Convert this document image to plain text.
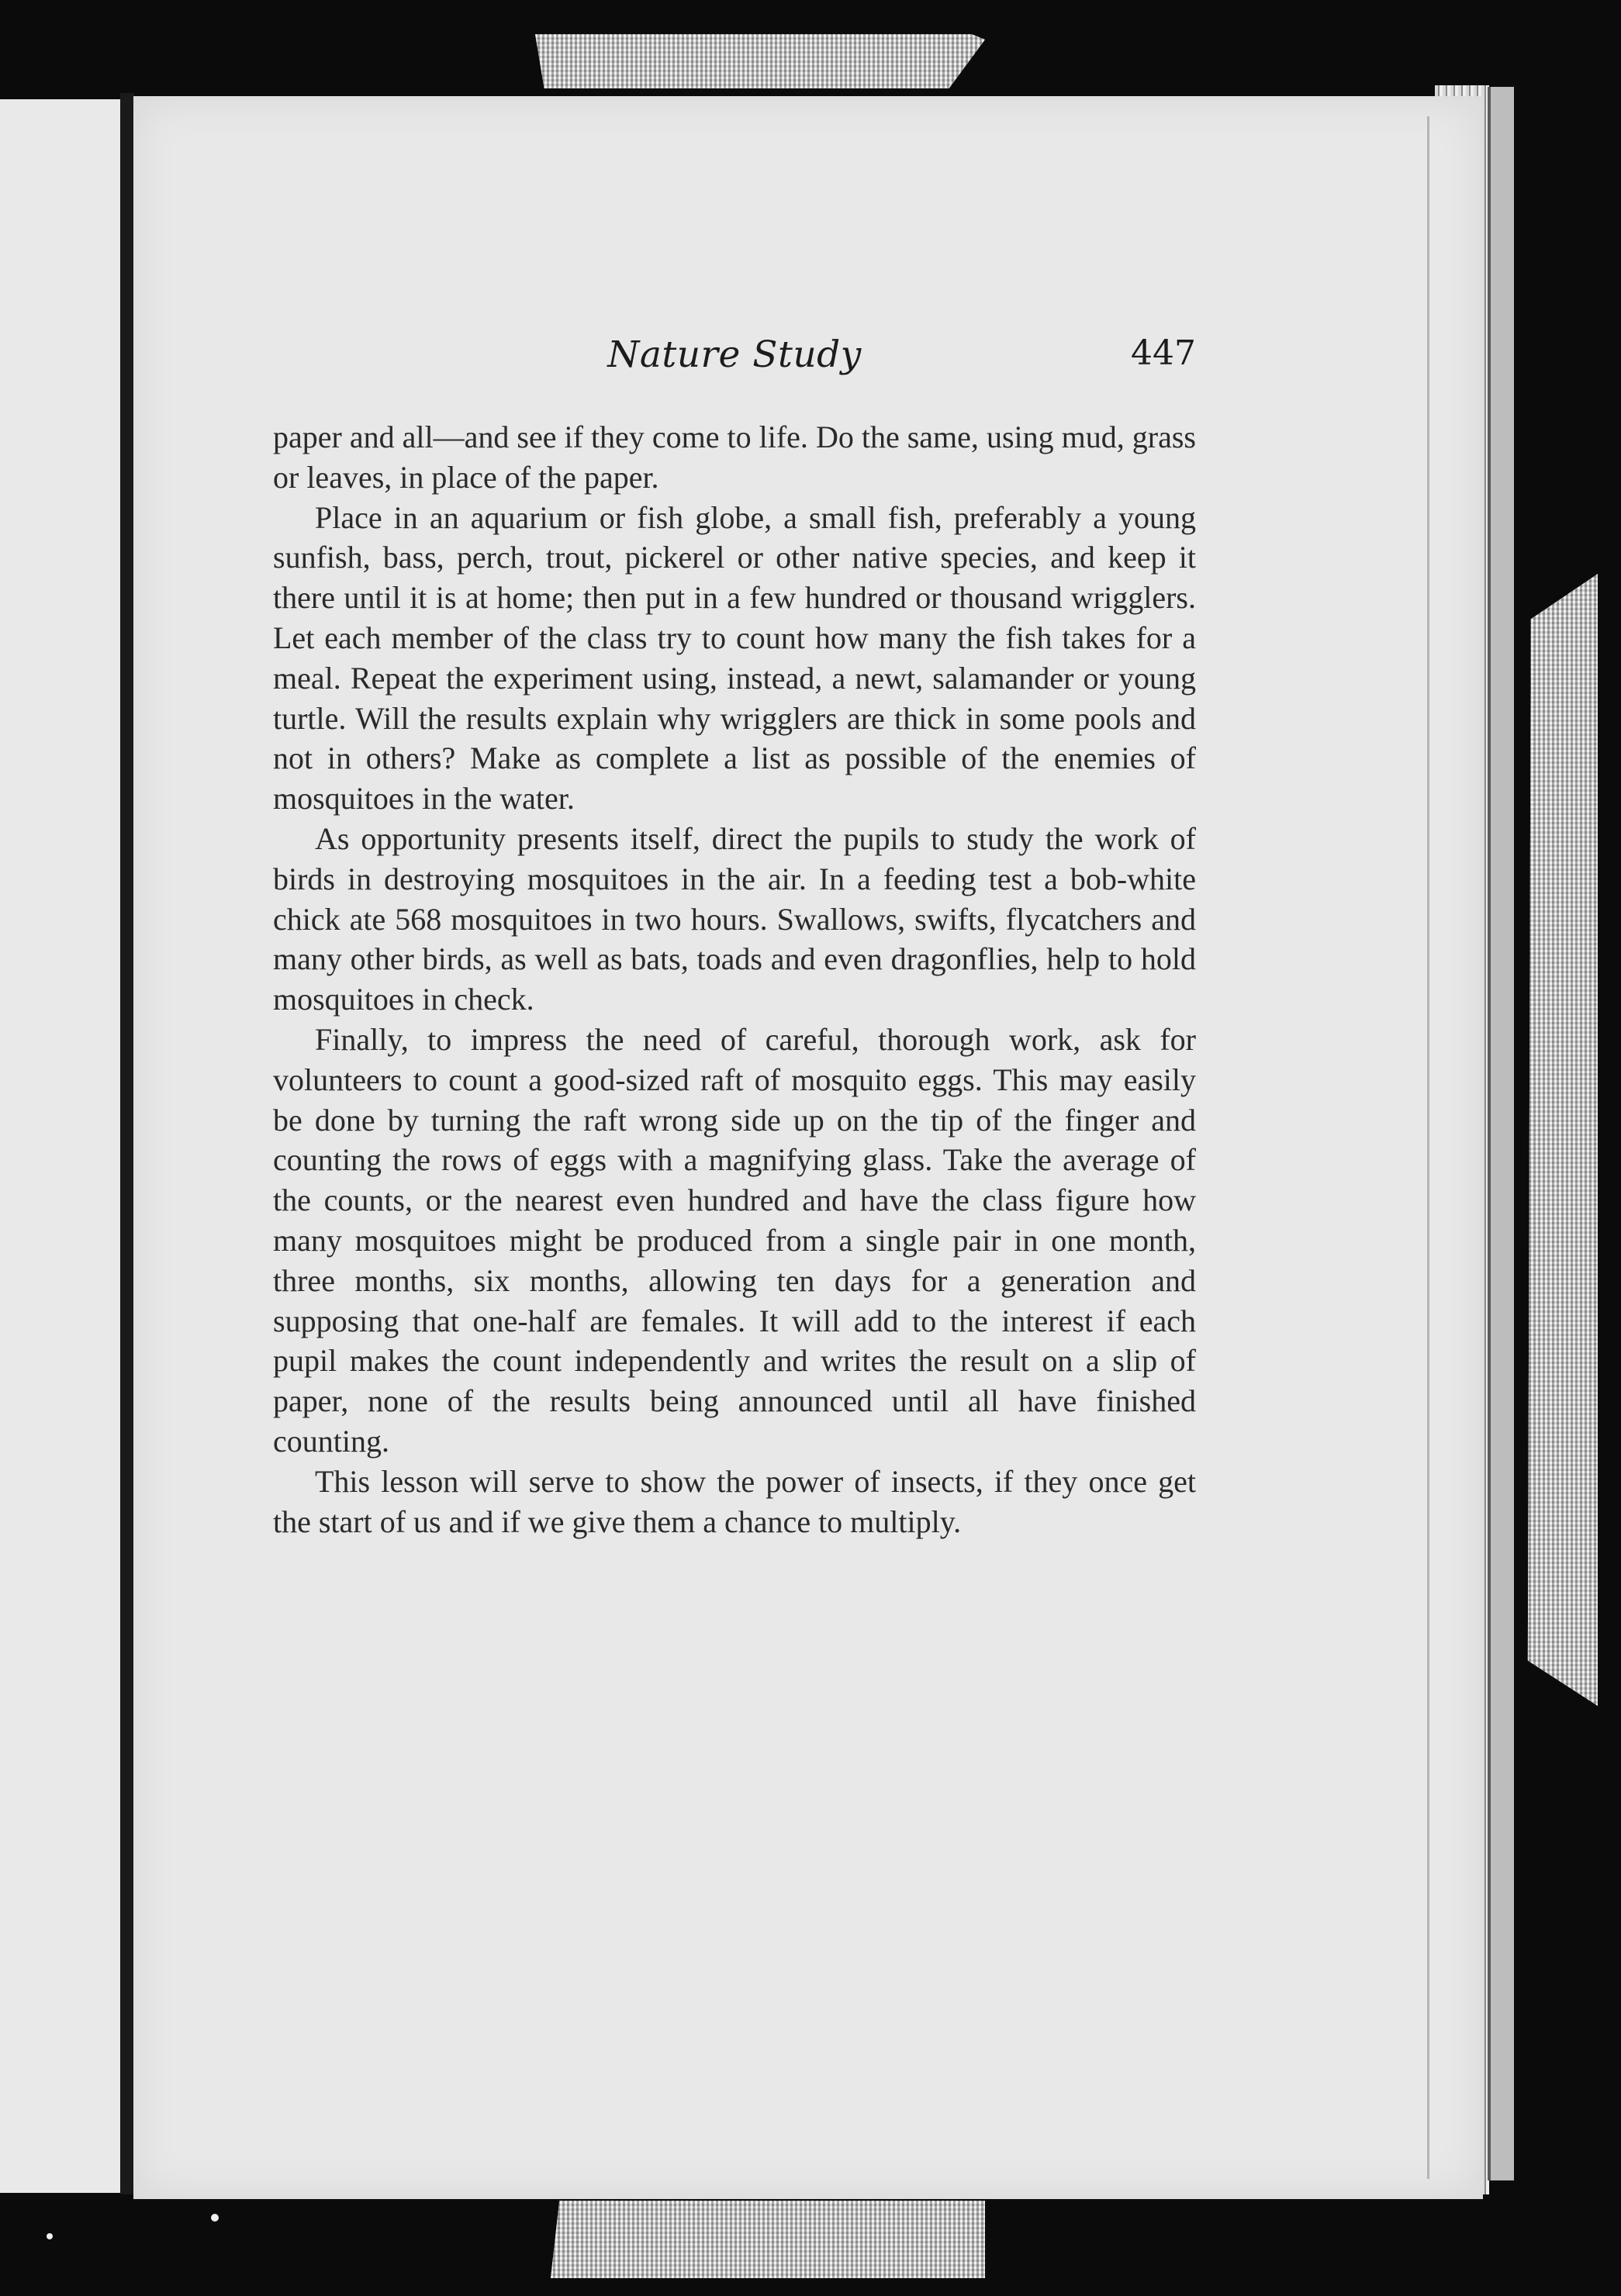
Nature Study	447

paper and all—and see if they come to life. Do the same, using mud, grass or leaves, in place of the paper.

Place in an aquarium or fish globe, a small fish, preferably a young sunfish, bass, perch, trout, pickerel or other native species, and keep it there until it is at home; then put in a few hundred or thousand wrigglers. Let each member of the class try to count how many the fish takes for a meal. Repeat the experiment using, instead, a newt, salamander or young turtle. Will the results explain why wrigglers are thick in some pools and not in others? Make as complete a list as possible of the enemies of mosquitoes in the water.

As opportunity presents itself, direct the pupils to study the work of birds in destroying mosquitoes in the air. In a feeding test a bob-white chick ate 568 mosquitoes in two hours. Swallows, swifts, flycatchers and many other birds, as well as bats, toads and even dragonflies, help to hold mosquitoes in check.

Finally, to impress the need of careful, thorough work, ask for volunteers to count a good-sized raft of mosquito eggs. This may easily be done by turning the raft wrong side up on the tip of the finger and counting the rows of eggs with a magnifying glass. Take the average of the counts, or the nearest even hundred and have the class figure how many mosquitoes might be produced from a single pair in one month, three months, six months, allowing ten days for a generation and supposing that one-half are females. It will add to the interest if each pupil makes the count independently and writes the result on a slip of paper, none of the results being announced until all have finished counting.

This lesson will serve to show the power of insects, if they once get the start of us and if we give them a chance to multiply.
